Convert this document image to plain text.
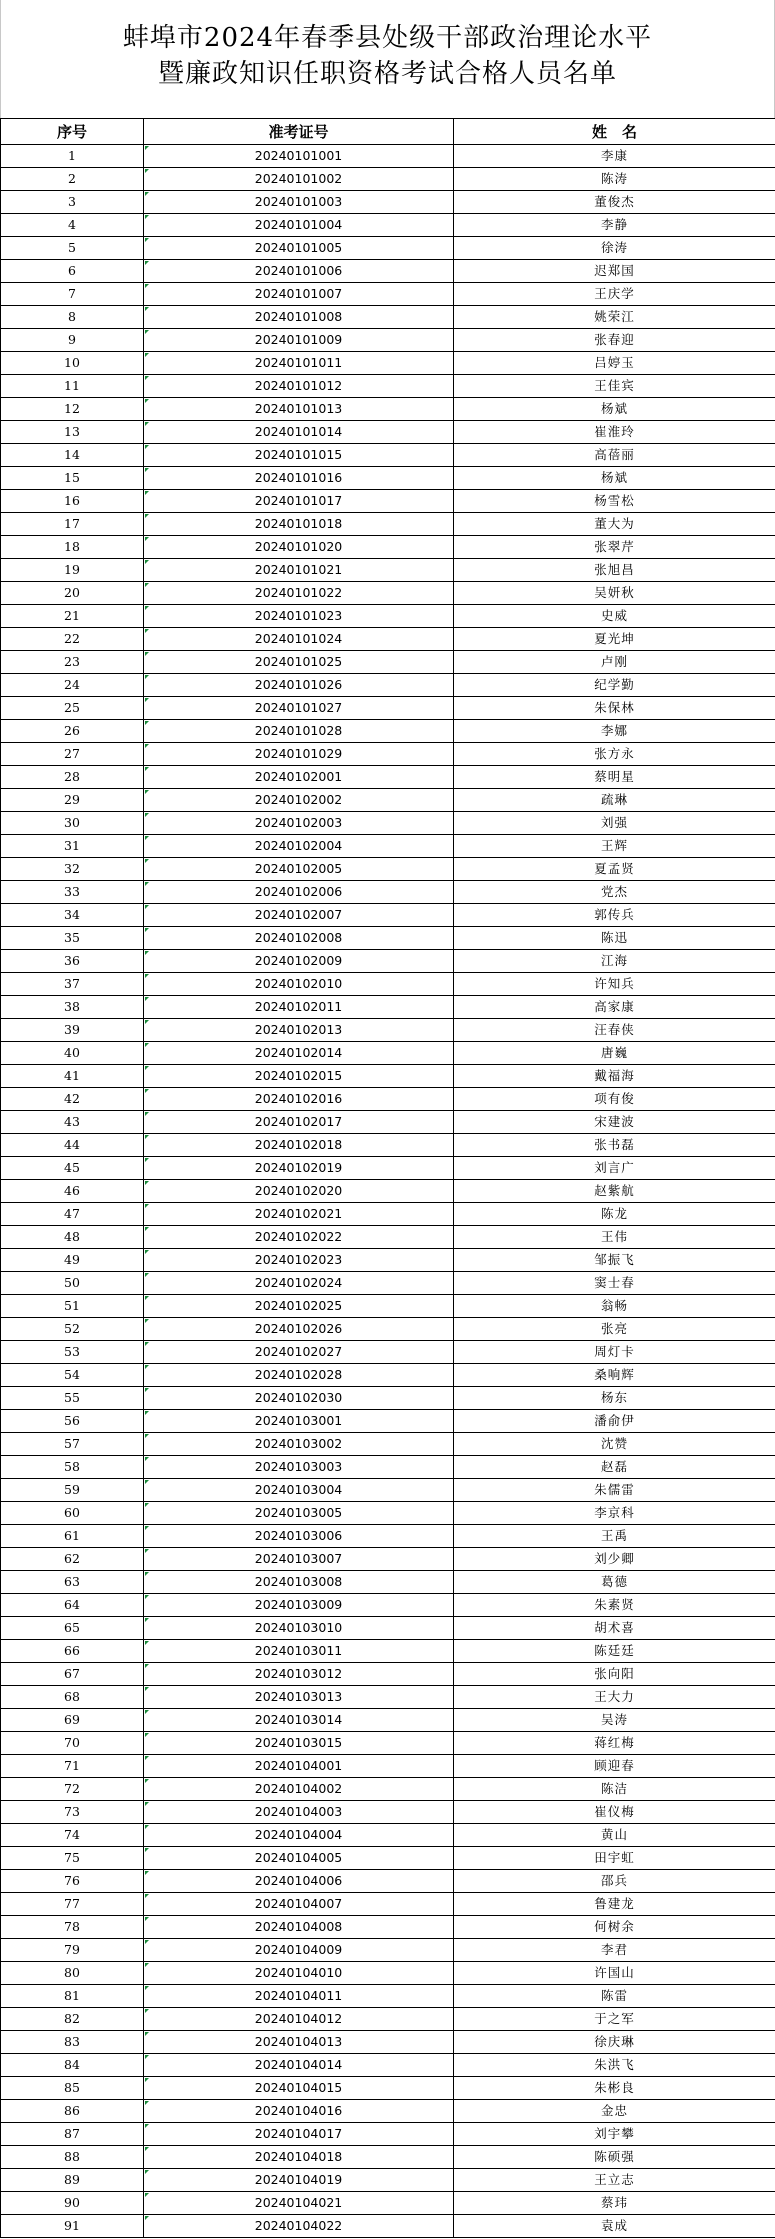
蚌埠市2024年春季县处级干部政治理论水平
暨廉政知识任职资格考试合格人员名单
序号	准考证号	姓　名
1	20240101001	李康
2	20240101002	陈涛
3	20240101003	董俊杰
4	20240101004	李静
5	20240101005	徐涛
6	20240101006	迟郑国
7	20240101007	王庆学
8	20240101008	姚荣江
9	20240101009	张春迎
10	20240101011	吕婷玉
11	20240101012	王佳宾
12	20240101013	杨斌
13	20240101014	崔淮玲
14	20240101015	高蓓丽
15	20240101016	杨斌
16	20240101017	杨雪松
17	20240101018	董大为
18	20240101020	张翠芹
19	20240101021	张旭昌
20	20240101022	吴妍秋
21	20240101023	史威
22	20240101024	夏光坤
23	20240101025	卢刚
24	20240101026	纪学勤
25	20240101027	朱保林
26	20240101028	李娜
27	20240101029	张方永
28	20240102001	蔡明星
29	20240102002	疏琳
30	20240102003	刘强
31	20240102004	王辉
32	20240102005	夏孟贤
33	20240102006	党杰
34	20240102007	郭传兵
35	20240102008	陈迅
36	20240102009	江海
37	20240102010	许知兵
38	20240102011	高家康
39	20240102013	汪春侠
40	20240102014	唐巍
41	20240102015	戴福海
42	20240102016	项有俊
43	20240102017	宋建波
44	20240102018	张书磊
45	20240102019	刘言广
46	20240102020	赵紫航
47	20240102021	陈龙
48	20240102022	王伟
49	20240102023	邹振飞
50	20240102024	窦士春
51	20240102025	翁畅
52	20240102026	张亮
53	20240102027	周灯卡
54	20240102028	桑响辉
55	20240102030	杨东
56	20240103001	潘俞伊
57	20240103002	沈赞
58	20240103003	赵磊
59	20240103004	朱儒雷
60	20240103005	李京科
61	20240103006	王禹
62	20240103007	刘少卿
63	20240103008	葛德
64	20240103009	朱素贤
65	20240103010	胡术喜
66	20240103011	陈廷廷
67	20240103012	张向阳
68	20240103013	王大力
69	20240103014	吴涛
70	20240103015	蒋红梅
71	20240104001	顾迎春
72	20240104002	陈洁
73	20240104003	崔仪梅
74	20240104004	黄山
75	20240104005	田宇虹
76	20240104006	邵兵
77	20240104007	鲁建龙
78	20240104008	何树余
79	20240104009	李君
80	20240104010	许国山
81	20240104011	陈雷
82	20240104012	于之军
83	20240104013	徐庆琳
84	20240104014	朱洪飞
85	20240104015	朱彬良
86	20240104016	金忠
87	20240104017	刘宇攀
88	20240104018	陈硕强
89	20240104019	王立志
90	20240104021	蔡玮
91	20240104022	袁成
